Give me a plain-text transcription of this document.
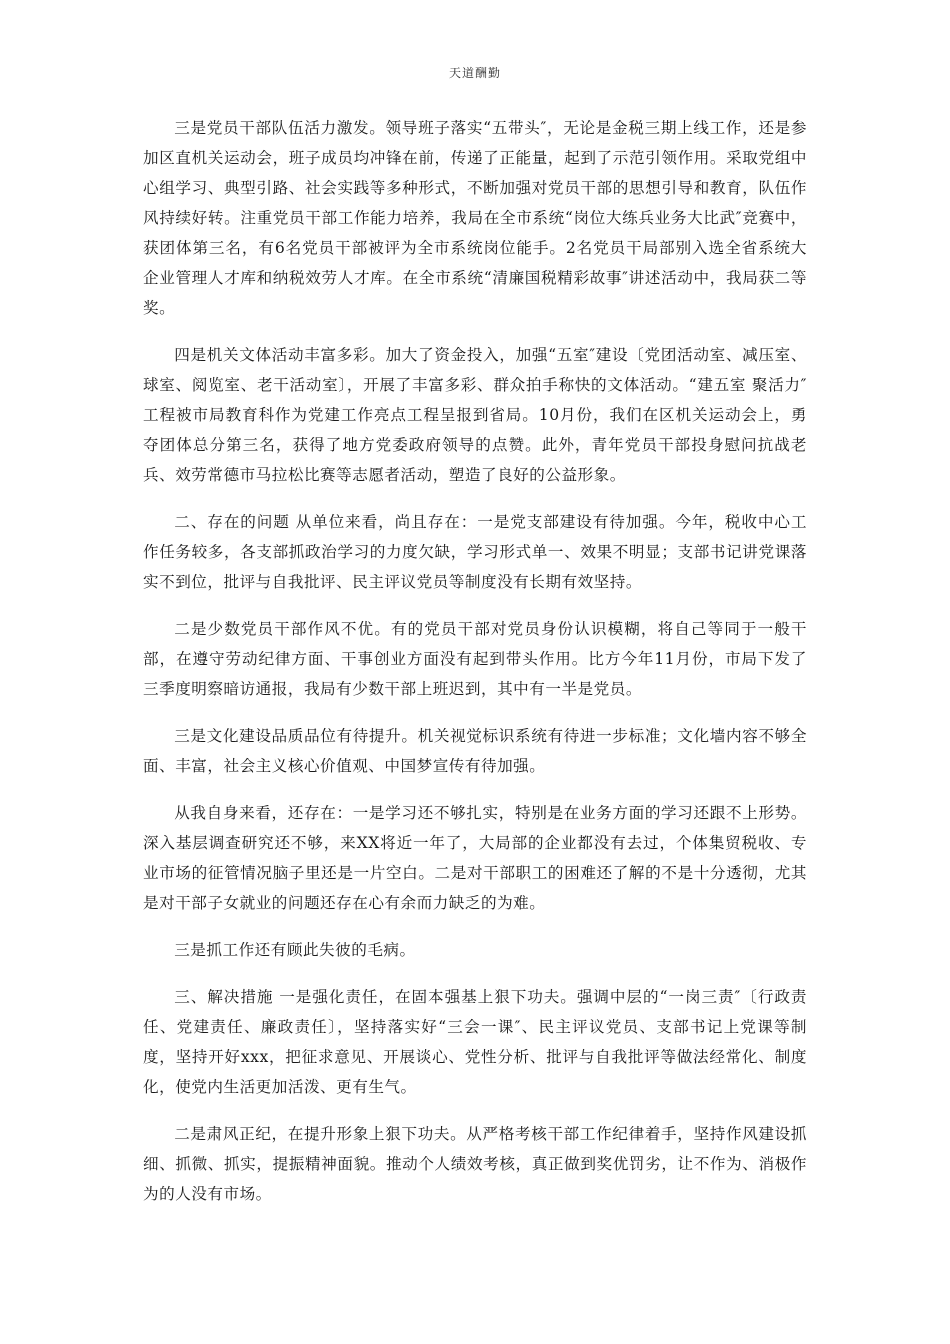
天道酬勤

三是党员干部队伍活力激发。领导班子落实“五带头″，无论是金税三期上线工作，还是参加区直机关运动会，班子成员均冲锋在前，传递了正能量，起到了示范引领作用。采取党组中心组学习、典型引路、社会实践等多种形式，不断加强对党员干部的思想引导和教育，队伍作风持续好转。注重党员干部工作能力培养，我局在全市系统“岗位大练兵业务大比武″竞赛中，获团体第三名，有6名党员干部被评为全市系统岗位能手。2名党员干局部别入选全省系统大企业管理人才库和纳税效劳人才库。在全市系统“清廉国税精彩故事″讲述活动中，我局获二等奖。

四是机关文体活动丰富多彩。加大了资金投入，加强“五室″建设〔党团活动室、减压室、球室、阅览室、老干活动室〕，开展了丰富多彩、群众拍手称快的文体活动。“建五室 聚活力″工程被市局教育科作为党建工作亮点工程呈报到省局。10月份，我们在区机关运动会上，勇夺团体总分第三名，获得了地方党委政府领导的点赞。此外，青年党员干部投身慰问抗战老兵、效劳常德市马拉松比赛等志愿者活动，塑造了良好的公益形象。

二、存在的问题 从单位来看，尚且存在：一是党支部建设有待加强。今年，税收中心工作任务较多，各支部抓政治学习的力度欠缺，学习形式单一、效果不明显；支部书记讲党课落实不到位，批评与自我批评、民主评议党员等制度没有长期有效坚持。

二是少数党员干部作风不优。有的党员干部对党员身份认识模糊，将自己等同于一般干部，在遵守劳动纪律方面、干事创业方面没有起到带头作用。比方今年11月份，市局下发了三季度明察暗访通报，我局有少数干部上班迟到，其中有一半是党员。

三是文化建设品质品位有待提升。机关视觉标识系统有待进一步标准；文化墙内容不够全面、丰富，社会主义核心价值观、中国梦宣传有待加强。

从我自身来看，还存在：一是学习还不够扎实，特别是在业务方面的学习还跟不上形势。深入基层调查研究还不够，来XX将近一年了，大局部的企业都没有去过，个体集贸税收、专业市场的征管情况脑子里还是一片空白。二是对干部职工的困难还了解的不是十分透彻，尤其是对干部子女就业的问题还存在心有余而力缺乏的为难。

三是抓工作还有顾此失彼的毛病。

三、解决措施 一是强化责任，在固本强基上狠下功夫。强调中层的“一岗三责″〔行政责任、党建责任、廉政责任〕，坚持落实好“三会一课″、民主评议党员、支部书记上党课等制度，坚持开好xxx，把征求意见、开展谈心、党性分析、批评与自我批评等做法经常化、制度化，使党内生活更加活泼、更有生气。

二是肃风正纪，在提升形象上狠下功夫。从严格考核干部工作纪律着手，坚持作风建设抓细、抓微、抓实，提振精神面貌。推动个人绩效考核，真正做到奖优罚劣，让不作为、消极作为的人没有市场。
